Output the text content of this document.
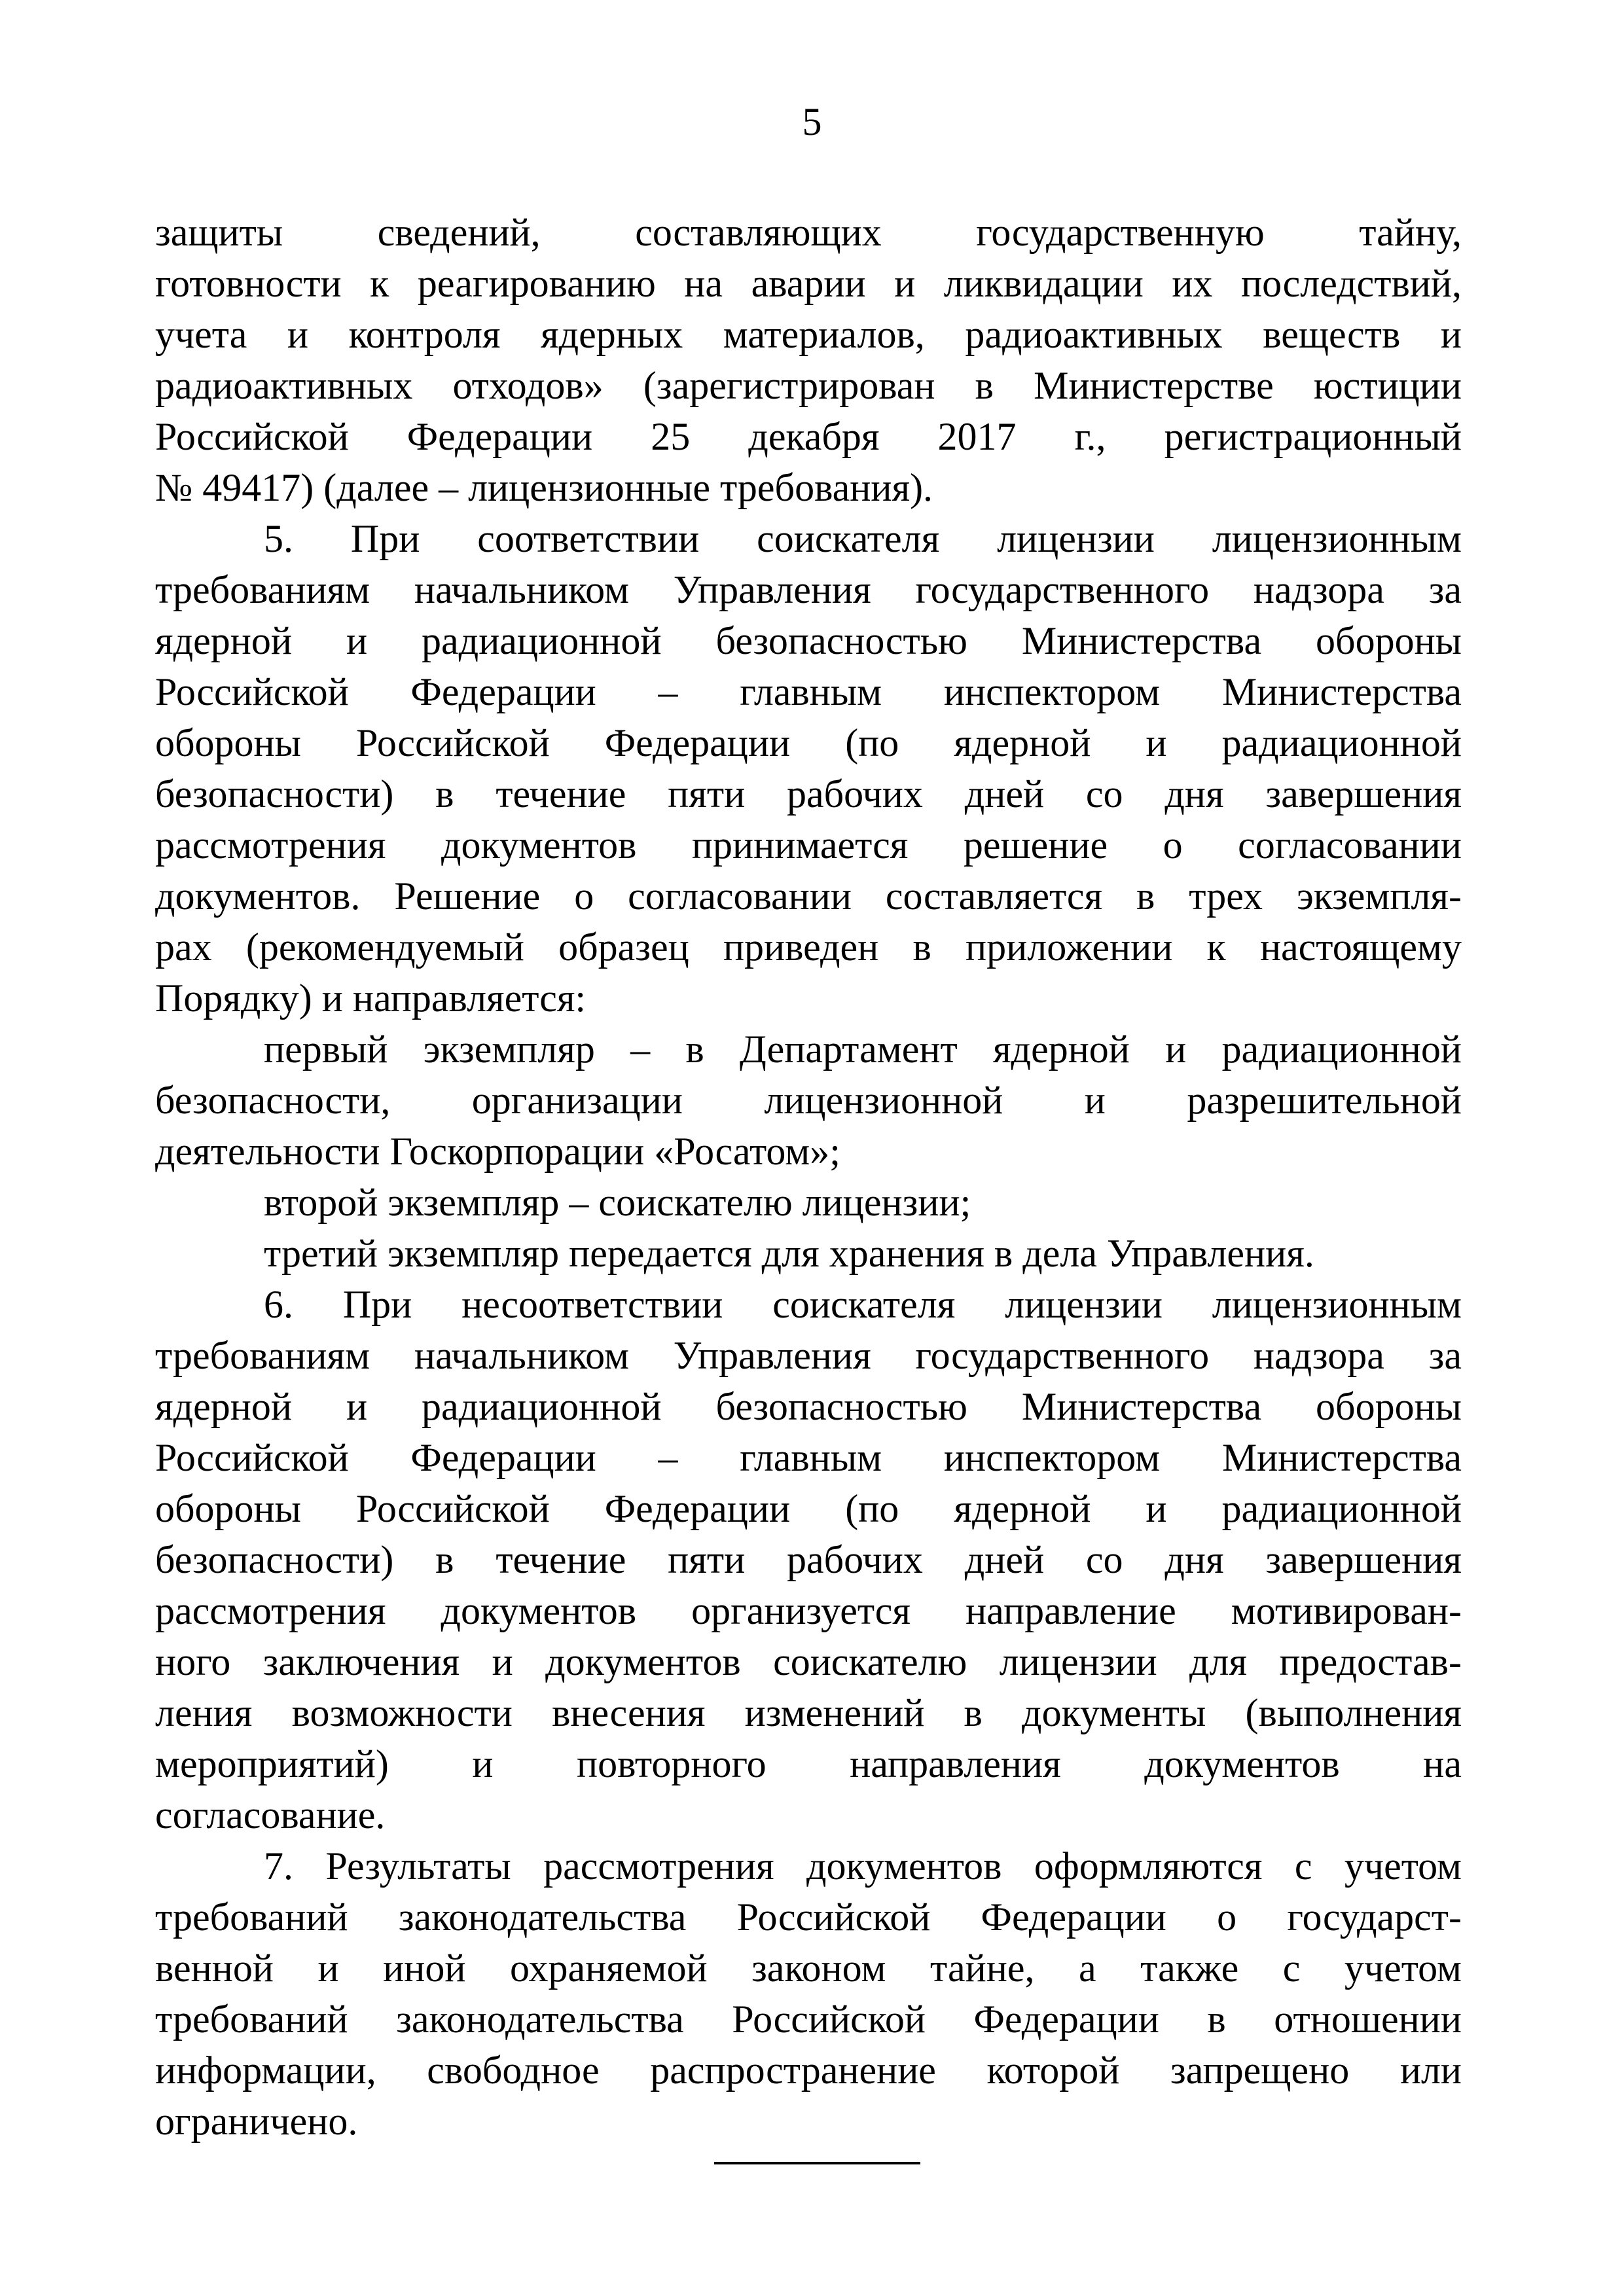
5
защиты сведений, составляющих государственную тайну,
готовности к реагированию на аварии и ликвидации их последствий,
учета и контроля ядерных материалов, радиоактивных веществ и
радиоактивных отходов» (зарегистрирован в Министерстве юстиции
Российской Федерации 25 декабря 2017 г., регистрационный
№ 49417) (далее – лицензионные требования).
5. При соответствии соискателя лицензии лицензионным
требованиям начальником Управления государственного надзора за
ядерной и радиационной безопасностью Министерства обороны
Российской Федерации – главным инспектором Министерства
обороны Российской Федерации (по ядерной и радиационной
безопасности) в течение пяти рабочих дней со дня завершения
рассмотрения документов принимается решение о согласовании
документов. Решение о согласовании составляется в трех экземпля-
рах (рекомендуемый образец приведен в приложении к настоящему
Порядку) и направляется:
первый экземпляр – в Департамент ядерной и радиационной
безопасности, организации лицензионной и разрешительной
деятельности Госкорпорации «Росатом»;
второй экземпляр – соискателю лицензии;
третий экземпляр передается для хранения в дела Управления.
6. При несоответствии соискателя лицензии лицензионным
требованиям начальником Управления государственного надзора за
ядерной и радиационной безопасностью Министерства обороны
Российской Федерации – главным инспектором Министерства
обороны Российской Федерации (по ядерной и радиационной
безопасности) в течение пяти рабочих дней со дня завершения
рассмотрения документов организуется направление мотивирован-
ного заключения и документов соискателю лицензии для предостав-
ления возможности внесения изменений в документы (выполнения
мероприятий) и повторного направления документов на
согласование.
7. Результаты рассмотрения документов оформляются с учетом
требований законодательства Российской Федерации о государст-
венной и иной охраняемой законом тайне, а также с учетом
требований законодательства Российской Федерации в отношении
информации, свободное распространение которой запрещено или
ограничено.
